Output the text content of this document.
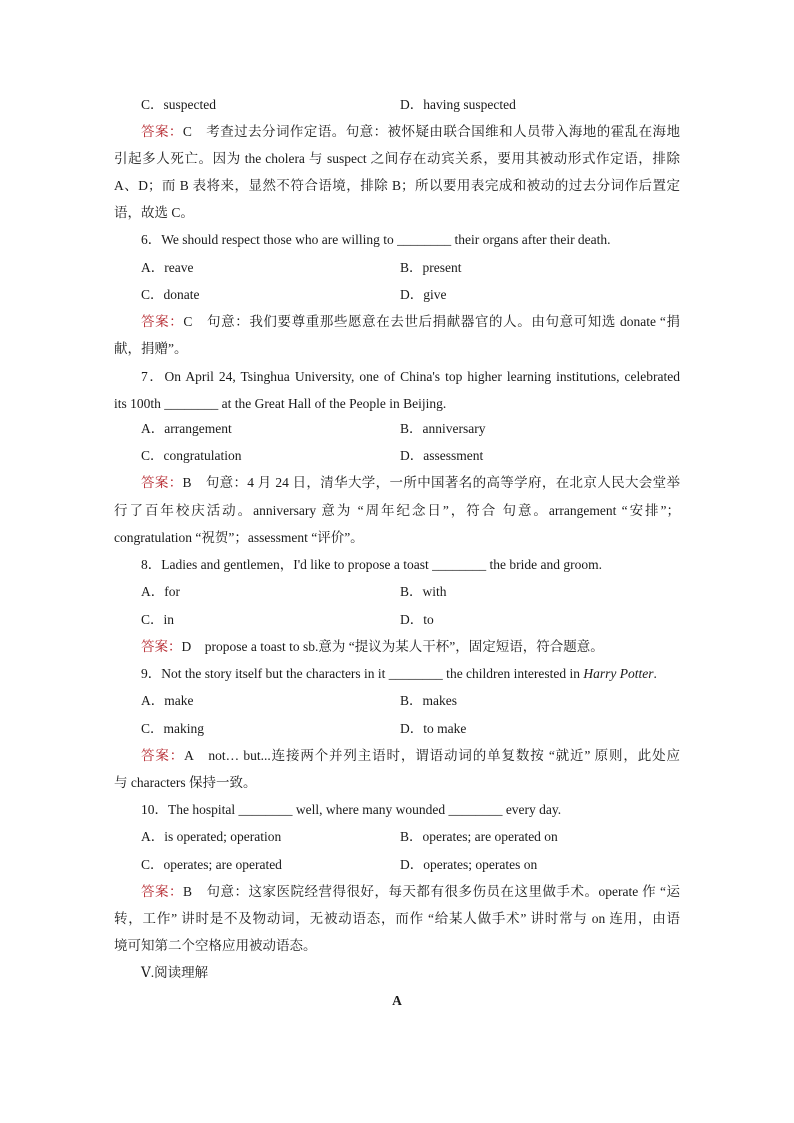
C．suspected	D．having suspected
答案：C　考查过去分词作定语。句意：被怀疑由联合国维和人员带入海地的霍乱在海地
引起多人死亡。因为 the cholera 与 suspect 之间存在动宾关系，要用其被动形式作定语，排除
A、D；而 B 表将来，显然不符合语境，排除 B；所以要用表完成和被动的过去分词作后置定
语，故选 C。
6．We should respect those who are willing to ________ their organs after their death.
A．reave	B．present
C．donate	D．give
答案：C　句意：我们要尊重那些愿意在去世后捐献器官的人。由句意可知选 donate “捐
献，捐赠”。
7．On April 24, Tsinghua University, one of China's top higher learning institutions, celebrated
its 100th ________ at the Great Hall of the People in Beijing.
A．arrangement	B．anniversary
C．congratulation	D．assessment
答案：B　句意：4 月 24 日，清华大学，一所中国著名的高等学府，在北京人民大会堂举
行了百年校庆活动。anniversary 意为 “周年纪念日”，符合 句意。arrangement “安排”；
congratulation “祝贺”；assessment “评价”。
8．Ladies and gentlemen，I'd like to propose a toast ________ the bride and groom.
A．for	B．with
C．in	D．to
答案：D　propose a toast to sb.意为 “提议为某人干杯”，固定短语，符合题意。
9．Not the story itself but the characters in it ________ the children interested in Harry Potter.
A．make	B．makes
C．making	D．to make
答案：A　not… but...连接两个并列主语时，谓语动词的单复数按 “就近” 原则，此处应
与 characters 保持一致。
10．The hospital ________ well, where many wounded ________ every day.
A．is operated; operation	B．operates; are operated on
C．operates; are operated	D．operates; operates on
答案：B　句意：这家医院经营得很好，每天都有很多伤员在这里做手术。operate 作 “运
转，工作” 讲时是不及物动词，无被动语态，而作 “给某人做手术” 讲时常与 on 连用，由语
境可知第二个空格应用被动语态。
Ⅴ.阅读理解
A
